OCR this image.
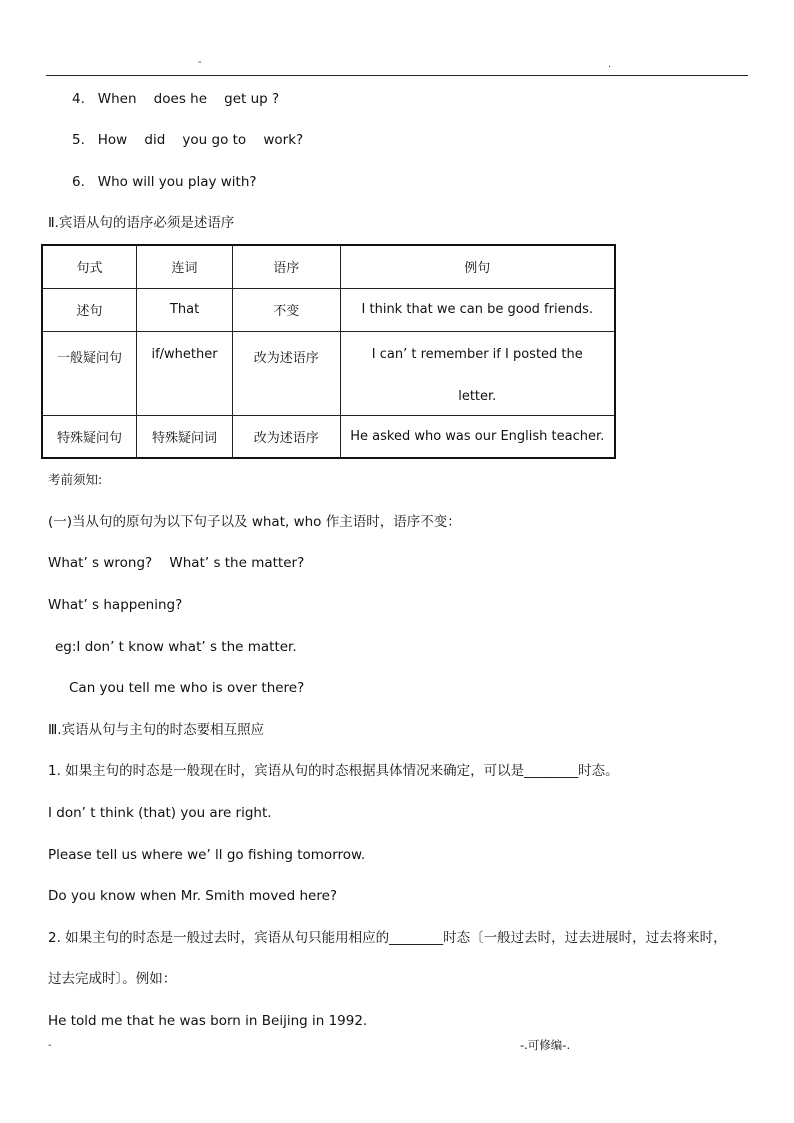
-	.
4.   When    does he    get up ?
5.   How    did    you go to    work?
6.   Who will you play with?
Ⅱ.宾语从句的语序必须是述语序
句式	连词	语序	例句
述句	That	不变	I think that we can be good friends.
一般疑问句	if/whether	改为述语序	I can’ t remember if I posted the
letter.

特殊疑问句	特殊疑问词	改为述语序	He asked who was our English teacher.
考前须知:
(一)当从句的原句为以下句子以及 what, who 作主语时，语序不变：
What’ s wrong?    What’ s the matter?
What’ s happening?
eg:I don’ t know what’ s the matter.
Can you tell me who is over there?
Ⅲ.宾语从句与主句的时态要相互照应
1. 如果主句的时态是一般现在时，宾语从句的时态根据具体情况来确定，可以是________时态。
I don’ t think (that) you are right.
Please tell us where we’ ll go fishing tomorrow.
Do you know when Mr. Smith moved here?
2. 如果主句的时态是一般过去时，宾语从句只能用相应的________时态〔一般过去时，过去进展时，过去将来时，
过去完成时〕。例如：
He told me that he was born in Beijing in 1992.
-	-.可修编-.
